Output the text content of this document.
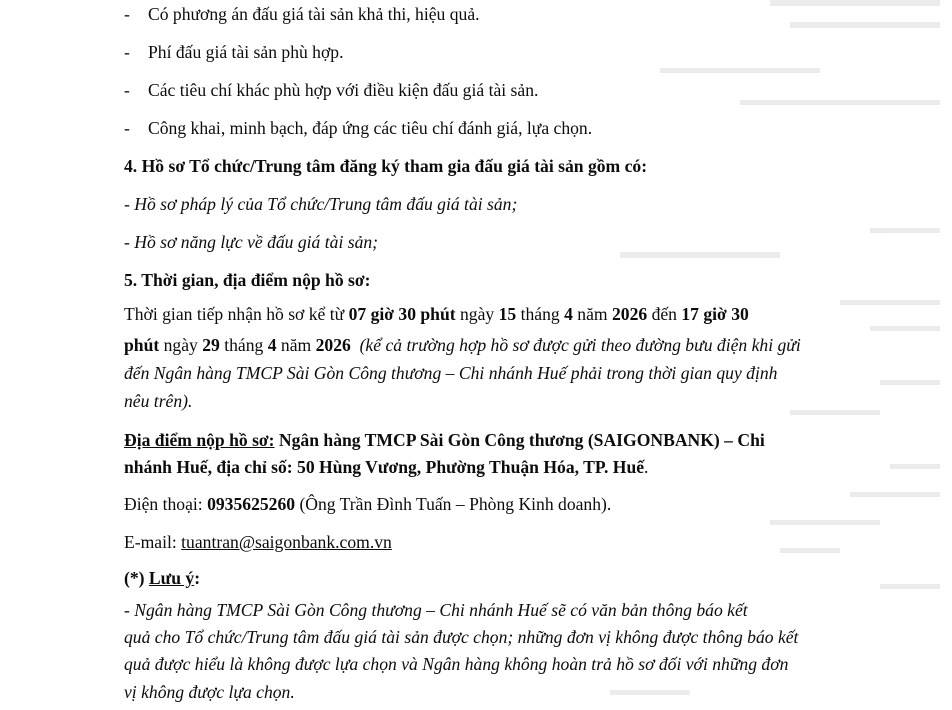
- Có phương án đấu giá tài sản khả thi, hiệu quả.
- Phí đấu giá tài sản phù hợp.
- Các tiêu chí khác phù hợp với điều kiện đấu giá tài sản.
- Công khai, minh bạch, đáp ứng các tiêu chí đánh giá, lựa chọn.
4. Hồ sơ Tổ chức/Trung tâm đăng ký tham gia đấu giá tài sản gồm có:
- Hồ sơ pháp lý của Tổ chức/Trung tâm đấu giá tài sản;
- Hồ sơ năng lực về đấu giá tài sản;
5. Thời gian, địa điểm nộp hồ sơ:
Thời gian tiếp nhận hồ sơ kể từ 07 giờ 30 phút ngày 15 tháng 4 năm 2026 đến 17 giờ 30
phút ngày 29 tháng 4 năm 2026 (kể cả trường hợp hồ sơ được gửi theo đường bưu điện khi gửi
đến Ngân hàng TMCP Sài Gòn Công thương – Chi nhánh Huế phải trong thời gian quy định
nêu trên).
Địa điểm nộp hồ sơ: Ngân hàng TMCP Sài Gòn Công thương (SAIGONBANK) – Chi
nhánh Huế, địa chỉ số: 50 Hùng Vương, Phường Thuận Hóa, TP. Huế.
Điện thoại: 0935625260 (Ông Trần Đình Tuấn – Phòng Kinh doanh).
E-mail: tuantran@saigonbank.com.vn
(*) Lưu ý:
- Ngân hàng TMCP Sài Gòn Công thương – Chi nhánh Huế sẽ có văn bản thông báo kết
quả cho Tổ chức/Trung tâm đấu giá tài sản được chọn; những đơn vị không được thông báo kết
quả được hiểu là không được lựa chọn và Ngân hàng không hoàn trả hồ sơ đối với những đơn
vị không được lựa chọn.
